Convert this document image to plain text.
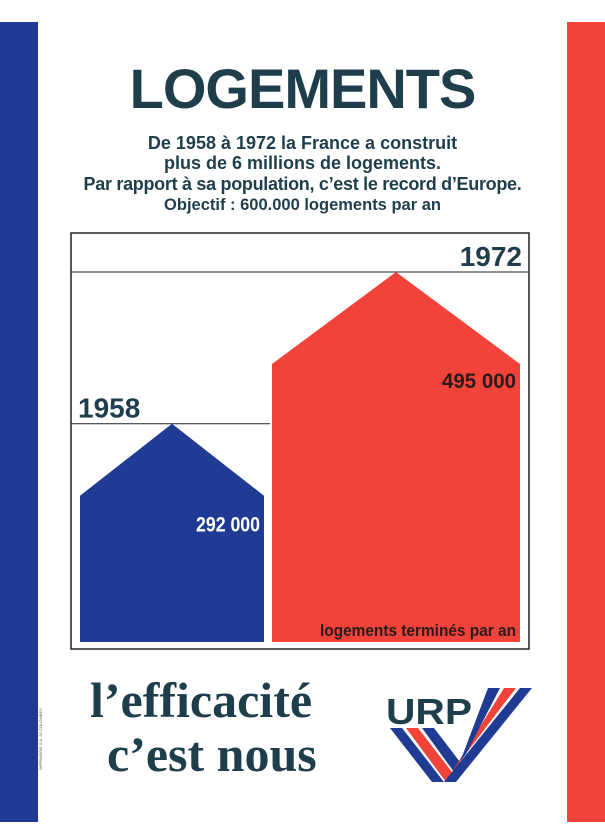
LOGEMENTS
De 1958 à 1972 la France a construit
plus de 6 millions de logements.
Par rapport à sa population, c’est le record d’Europe.
Objectif : 600.000 logements par an
1958
1972
292 000
495 000
logements terminés par an
IMPRIMERIE S.A. 92 COLOMBES
l’efficacité
c’est nous
URP
